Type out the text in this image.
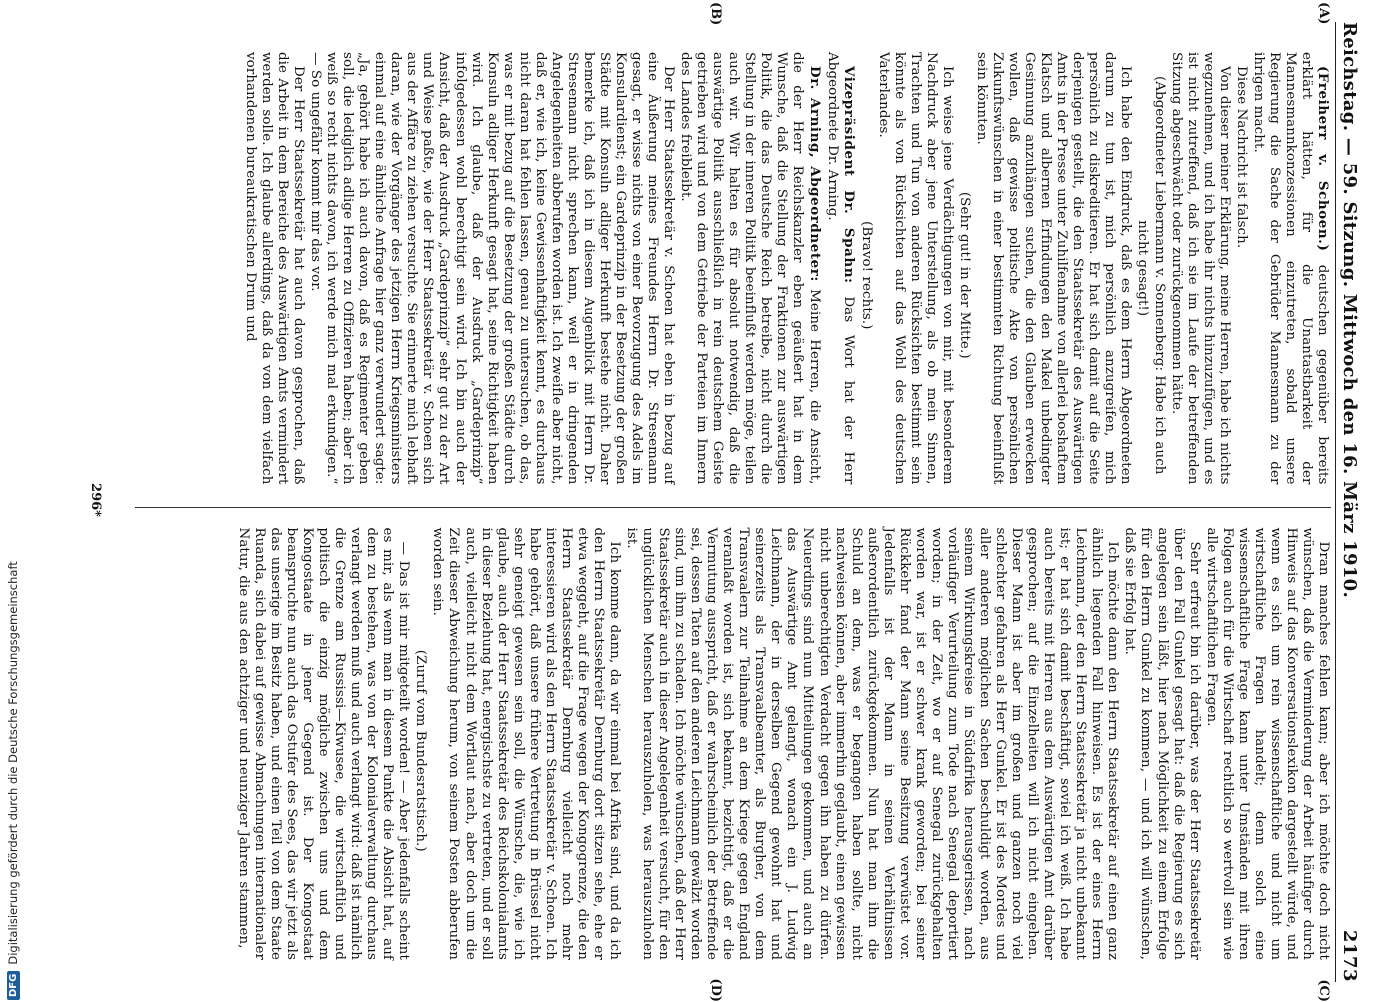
DFG
Digitalisierung gefördert durch die Deutsche Forschungsgemeinschaft
Reichstag. — 59. Sitzung. Mittwoch den 16. März 1910.
2173
(A)
(B)
(C)
(D)

(Freiherr v. Schoen.) deutschen gegenüber bereits erklärt hätten, für die Unantastbarkeit der Mannesmannkonzessionen einzutreten, sobald unsere Regierung die Sache der Gebrüder Mannesmann zu der ihrigen macht.

Diese Nachricht ist falsch.

Von dieser meiner Erklärung, meine Herren, habe ich nichts wegzunehmen, und ich habe ihr nichts hinzuzufügen, und es ist nicht zutreffend, daß ich sie im Laufe der betreffenden Sitzung abgeschwächt oder zurückgenommen hätte.

(Abgeordneter Liebermann v. Sonnenberg: Habe ich auch nicht gesagt!)

Ich habe den Eindruck, daß es dem Herrn Abgeordneten darum zu tun ist, mich persönlich anzugreifen, mich persönlich zu diskreditieren. Er hat sich damit auf die Seite derjenigen gestellt, die den Staatssekretär des Auswärtigen Amts in der Presse unter Zuhilfenahme von allerlei boshaftem Klatsch und albernen Erfindungen den Makel unbedingter Gesinnung anzuhängen suchen, die den Glauben erwecken wollen, daß gewisse politische Akte von persönlichen Zukunftswünschen in einer bestimmten Richtung beeinflußt sein könnten.

(Sehr gut! in der Mitte.)

Ich weise jene Verdächtigungen von mir, mit besonderem Nachdruck aber jene Unterstellung, als ob mein Sinnen, Trachten und Tun von anderen Rücksichten bestimmt sein könnte als von Rücksichten auf das Wohl des deutschen Vaterlandes.

(Bravo! rechts.)

Vizepräsident Dr. Spahn: Das Wort hat der Herr Abgeordnete Dr. Arning.

Dr. Arning, Abgeordneter: Meine Herren, die Ansicht, die der Herr Reichskanzler eben geäußert hat in dem Wunsche, daß die Stellung der Fraktionen zur auswärtigen Politik, die das Deutsche Reich betreibe, nicht durch die Stellung in der inneren Politik beeinflußt werden möge, teilen auch wir. Wir halten es für absolut notwendig, daß die auswärtige Politik ausschließlich in rein deutschem Geiste getrieben wird und von dem Getriebe der Parteien im Innern des Landes freibleibt.

Der Herr Staatssekretär v. Schoen hat eben in bezug auf eine Äußerung meines Freundes Herrn Dr. Stresemann gesagt, er wisse nichts von einer Bevorzugung des Adels im Konsulardienst; ein Gardeprinzip in der Besetzung der großen Städte mit Konsuln adliger Herkunft bestehe nicht. Daher bemerke ich, daß ich in diesem Augenblick mit Herrn Dr. Stresemann nicht sprechen kann, weil er in dringenden Angelegenheiten abberufen worden ist. Ich zweifle aber nicht, daß er, wie ich, keine Gewissenhaftigkeit kennt, es durchaus nicht daran hat fehlen lassen, genau zu untersuchen, ob das, was er mit bezug auf die Besetzung der großen Städte durch Konsuln adliger Herkunft gesagt hat, seine Richtigkeit haben wird. Ich glaube, daß der Ausdruck „Gardeprinzip“ infolgedessen wohl berechtigt sein wird. Ich bin auch der Ansicht, daß der Ausdruck „Gardeprinzip“ sehr gut zu der Art und Weise paßte, wie der Herr Staatssekretär v. Schoen sich aus der Affäre zu ziehen versuchte. Sie erinnerte mich lebhaft daran, wie der Vorgänger des jetzigen Herrn Kriegsministers einmal auf eine ähnliche Anfrage hier ganz verwundert sagte: „Ja, gehört habe ich auch davon, daß es Regimenter geben soll, die lediglich adlige Herren zu Offizieren haben; aber ich weiß so recht nichts davon, ich werde mich mal erkundigen.“ — So ungefähr kommt mir das vor.

Der Herr Staatssekretär hat auch davon gesprochen, daß die Arbeit in dem Bereiche des Auswärtigen Amts vermindert werden solle. Ich glaube allerdings, daß da von dem vielfach vorhandenen bureaukratischen Drum und

Dran manches fehlen kann; aber ich möchte doch nicht wünschen, daß die Verminderung der Arbeit häufiger durch Hinweis auf das Konversationslexikon dargestellt würde, und wenn es sich um rein wissenschaftliche und nicht um wirtschaftliche Fragen handelt; denn solch eine wissenschaftliche Frage kann unter Umständen mit ihren Folgen auch für die Wirtschaft rechtlich so wertvoll sein wie alle wirtschaftlichen Fragen.

Sehr erfreut bin ich darüber, was der Herr Staatssekretär über den Fall Gunkel gesagt hat: daß die Regierung es sich angelegen sein läßt, hier nach Möglichkeit zu einem Erfolge für den Herrn Gunkel zu kommen, — und ich will wünschen, daß sie Erfolg hat.

Ich möchte dann den Herrn Staatssekretär auf einen ganz ähnlich liegenden Fall hinweisen. Es ist der eines Herrn Leichmann, der den Herrn Staatssekretär ja nicht unbekannt ist; er hat sich damit beschäftigt, soviel ich weiß. Ich habe auch bereits mit Herren aus dem Auswärtigen Amt darüber gesprochen; auf die Einzelheiten will ich nicht eingehen. Dieser Mann ist aber im großen und ganzen noch viel schlechter gefahren als Herr Gunkel. Er ist des Mordes und aller anderen möglichen Sachen beschuldigt worden, aus seinem Wirkungskreise in Südafrika herausgerissen, nach vorläufiger Verurteilung zum Tode nach Senegal deportiert worden; in der Zeit, wo er auf Senegal zurückgehalten worden war, ist er schwer krank geworden; bei seiner Rückkehr fand der Mann seine Besitzung verwüstet vor. Jedenfalls ist der Mann in seinen Verhältnissen außerordentlich zurückgekommen. Nun hat man ihm die Schuld an dem, was er begangen haben sollte, nicht nachweisen können, aber immerhin geglaubt, einen gewissen nicht unberechtigten Verdacht gegen ihn haben zu dürfen. Neuerdings sind nun Mitteilungen gekommen, und auch an das Auswärtige Amt gelangt, wonach ein J. Ludwig Leichmann, der in derselben Gegend gewohnt hat und seinerzeits als Transvaalbeamter, als Burgher, von dem Transvaalern zur Teilnahme an dem Kriege gegen England veranlaßt worden ist, sich bekannt, bezichtigt, daß er die Vermutung ausspricht, daß er wahrscheinlich der Betreffende sei, dessen Taten auf den anderen Leichmann gewälzt worden sind, um ihm zu schaden. Ich möchte wünschen, daß der Herr Staatssekretär auch in dieser Angelegenheit versucht, für den unglücklichen Menschen herauszuholen, was herauszuholen ist.

Ich komme dann, da wir einmal bei Afrika sind, und da ich den Herrn Staatssekretär Dernburg dort sitzen sehe, ehe er etwa weggeht, auf die Frage wegen der Kongogrenze, die den Herrn Staatssekretär Dernburg vielleicht noch mehr interessieren wird als den Herrn Staatssekretär v. Schoen. Ich habe gehört, daß unsere frühere Vertretung in Brüssel nicht sehr geneigt gewesen sein soll, die Wünsche, die, wie ich glaube, auch der Herr Staatssekretär des Reichskolonialamts in dieser Beziehung hat, energischste zu vertreten, und er soll auch, vielleicht nicht dem Wortlaut nach, aber doch um die Zeit dieser Abweichung herum, von seinem Posten abberufen worden sein.

(Zuruf vom Bundesratstisch.)

— Das ist mir mitgeteilt worden! — Aber jedenfalls scheint es mir, als wenn man in diesem Punkte die Absicht hat, auf dem zu bestehen, was von der Kolonialverwaltung durchaus verlangt werden muß und auch verlangt wird: daß ist nämlich die Grenze am Russissi—Kiwusee, die wirtschaftlich und politisch die einzig mögliche zwischen uns und dem Kongostaate in jener Gegend ist. Der Kongostaat beanspruchte nun auch das Ostufer des Sees, das wir jetzt als das unserige im Besitz haben, und einen Teil von dem Staate Ruanda, sich dabei auf gewisse Abmachungen internationaler Natur, die aus den achtziger und neunziger Jahren stammen,

296*
